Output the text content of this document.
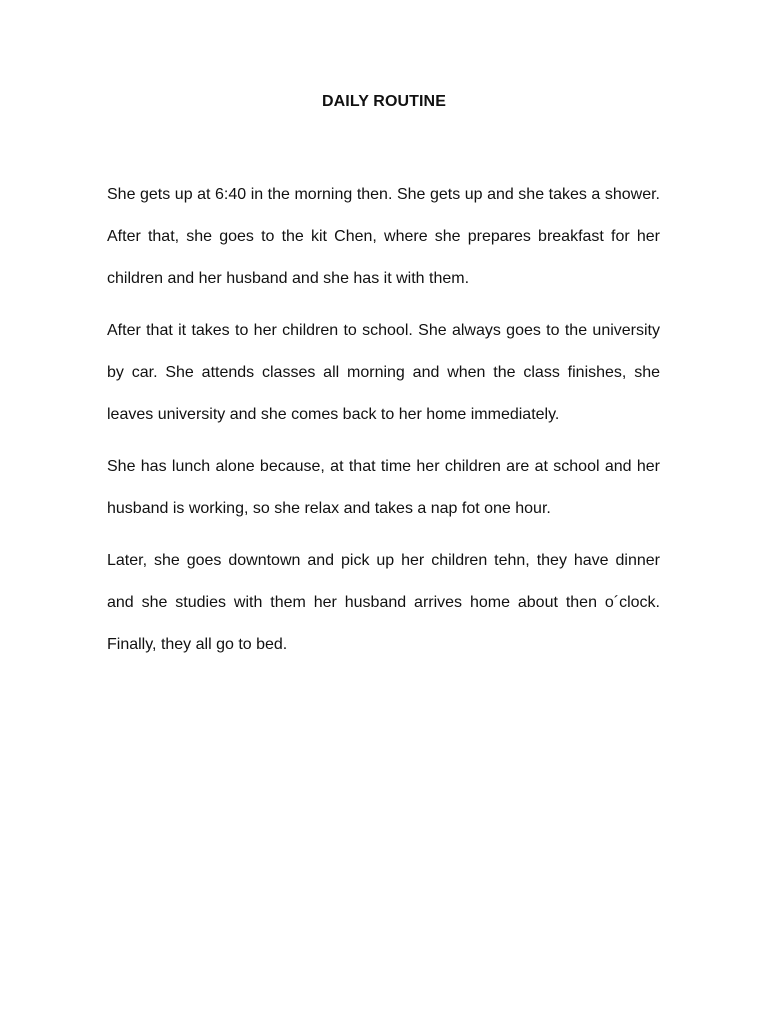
DAILY ROUTINE

She gets up at 6:40 in the morning then. She gets up and she takes a shower. After that, she goes to the kit Chen, where she prepares breakfast for her children and her husband and she has it with them.

After that it takes to her children to school. She always goes to the university by car. She attends classes all morning and when the class finishes, she leaves university and she comes back to her home immediately.

She has lunch alone because, at that time her children are at school and her husband is working, so she relax and takes a nap fot one hour.

Later, she goes downtown and pick up her children tehn, they have dinner and she studies with them her husband arrives home about then o´clock. Finally, they all go to bed.
